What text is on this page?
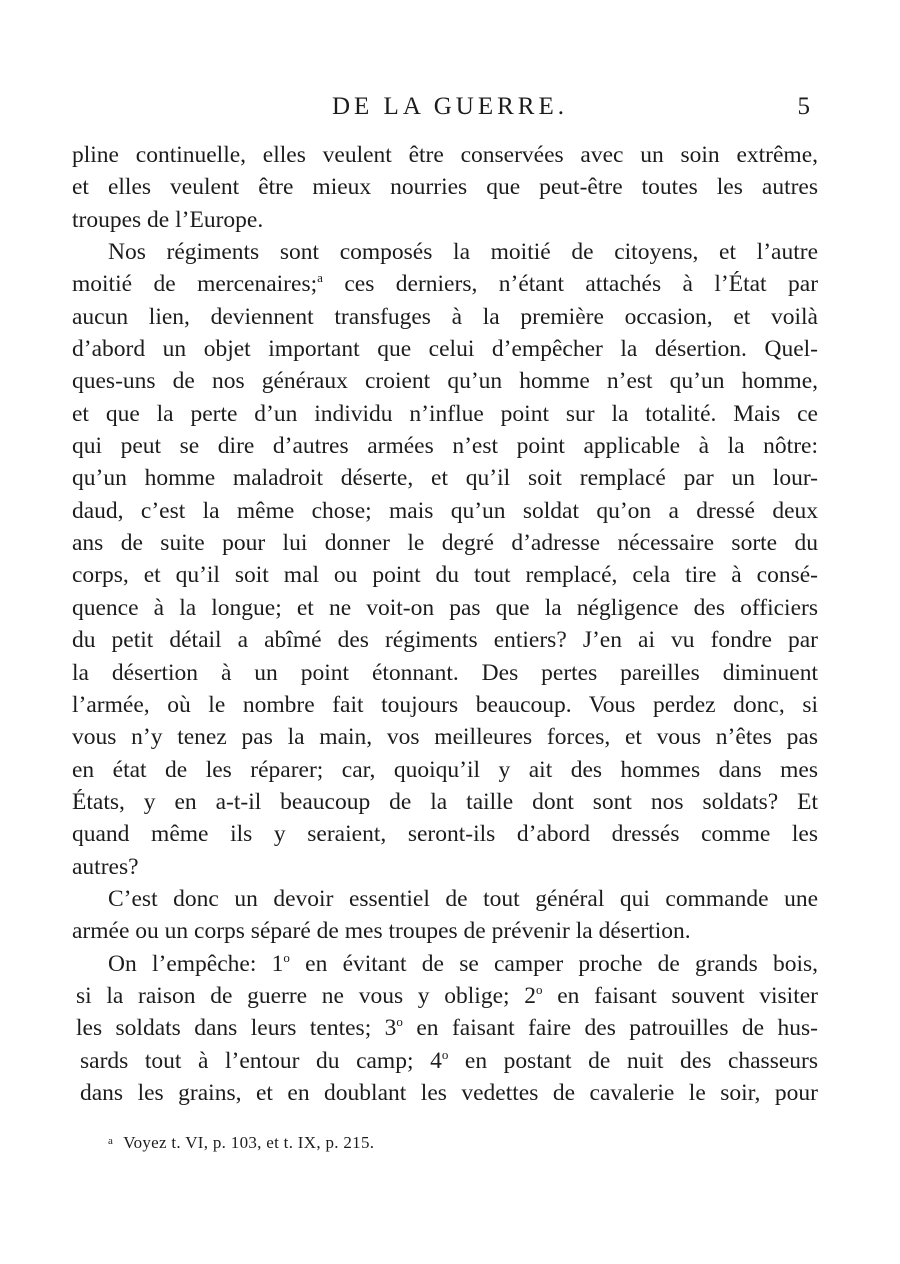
DE LA GUERRE.	5
pline continuelle, elles veulent être conservées avec un soin extrême,
et elles veulent être mieux nourries que peut-être toutes les autres
troupes de l’Europe.
Nos régiments sont composés la moitié de citoyens, et l’autre
moitié de mercenaires;$^a$ ces derniers, n’étant attachés à l’État par
aucun lien, deviennent transfuges à la première occasion, et voilà
d’abord un objet important que celui d’empêcher la désertion. Quel-
ques-uns de nos généraux croient qu’un homme n’est qu’un homme,
et que la perte d’un individu n’influe point sur la totalité. Mais ce
qui peut se dire d’autres armées n’est point applicable à la nôtre:
qu’un homme maladroit déserte, et qu’il soit remplacé par un lour-
daud, c’est la même chose; mais qu’un soldat qu’on a dressé deux
ans de suite pour lui donner le degré d’adresse nécessaire sorte du
corps, et qu’il soit mal ou point du tout remplacé, cela tire à consé-
quence à la longue; et ne voit-on pas que la négligence des officiers
du petit détail a abîmé des régiments entiers? J’en ai vu fondre par
la désertion à un point étonnant. Des pertes pareilles diminuent
l’armée, où le nombre fait toujours beaucoup. Vous perdez donc, si
vous n’y tenez pas la main, vos meilleures forces, et vous n’êtes pas
en état de les réparer; car, quoiqu’il y ait des hommes dans mes
États, y en a-t-il beaucoup de la taille dont sont nos soldats? Et
quand même ils y seraient, seront-ils d’abord dressés comme les
autres?
C’est donc un devoir essentiel de tout général qui commande une
armée ou un corps séparé de mes troupes de prévenir la désertion.
On l’empêche: 1$^o$ en évitant de se camper proche de grands bois,
si la raison de guerre ne vous y oblige; 2$^o$ en faisant souvent visiter
les soldats dans leurs tentes; 3$^o$ en faisant faire des patrouilles de hus-
sards tout à l’entour du camp; 4$^o$ en postant de nuit des chasseurs
dans les grains, et en doublant les vedettes de cavalerie le soir, pour
$^a$ Voyez t. VI, p. 103, et t. IX, p. 215.
